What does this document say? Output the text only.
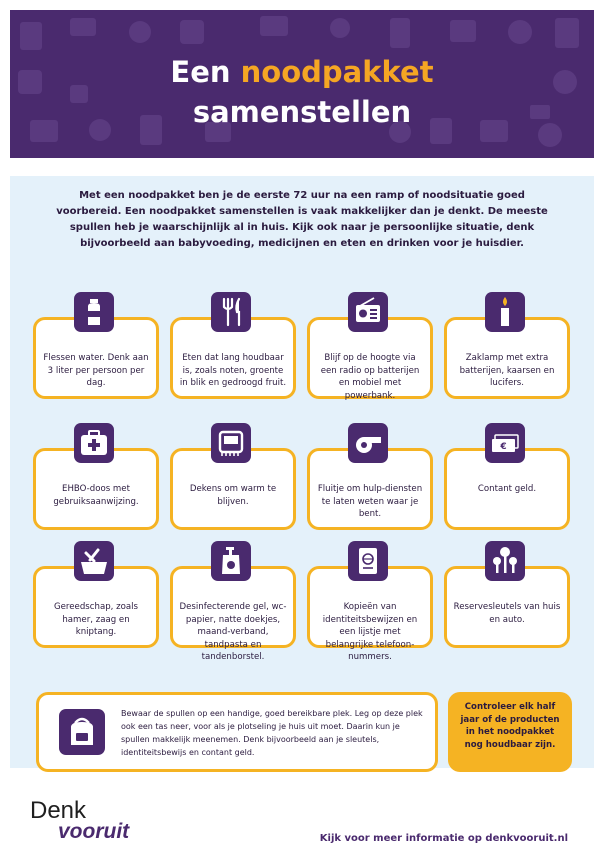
Een noodpakket
samenstellen

Met een noodpakket ben je de eerste 72 uur na een ramp of noodsituatie goed voorbereid. Een noodpakket samenstellen is vaak makkelijker dan je denkt. De meeste spullen heb je waarschijnlijk al in huis. Kijk ook naar je persoonlijke situatie, denk bijvoorbeeld aan babyvoeding, medicijnen en eten en drinken voor je huisdier.

Flessen water. Denk aan 3 liter per persoon per dag.
Eten dat lang houdbaar is, zoals noten, groente in blik en gedroogd fruit.
Blijf op de hoogte via een radio op batterijen en mobiel met powerbank.
Zaklamp met extra batterijen, kaarsen en lucifers.
EHBO-doos met gebruiksaanwijzing.
Dekens om warm te blijven.
Fluitje om hulp-diensten te laten weten waar je bent.
Contant geld.
€
Gereedschap, zoals hamer, zaag en kniptang.
Desinfecterende gel, wc-papier, natte doekjes, maand-verband, tandpasta en tandenborstel.
Kopieën van identiteitsbewijzen en een lijstje met belangrijke telefoon-nummers.
Reservesleutels van huis en auto.
Bewaar de spullen op een handige, goed bereikbare plek. Leg op deze plek ook een tas neer, voor als je plotseling je huis uit moet. Daarin kun je spullen makkelijk meenemen. Denk bijvoorbeeld aan je sleutels, identiteitsbewijs en contant geld.
Controleer elk half jaar of de producten in het noodpakket nog houdbaar zijn.
Denk
vooruit	Kijk voor meer informatie op denkvooruit.nl
